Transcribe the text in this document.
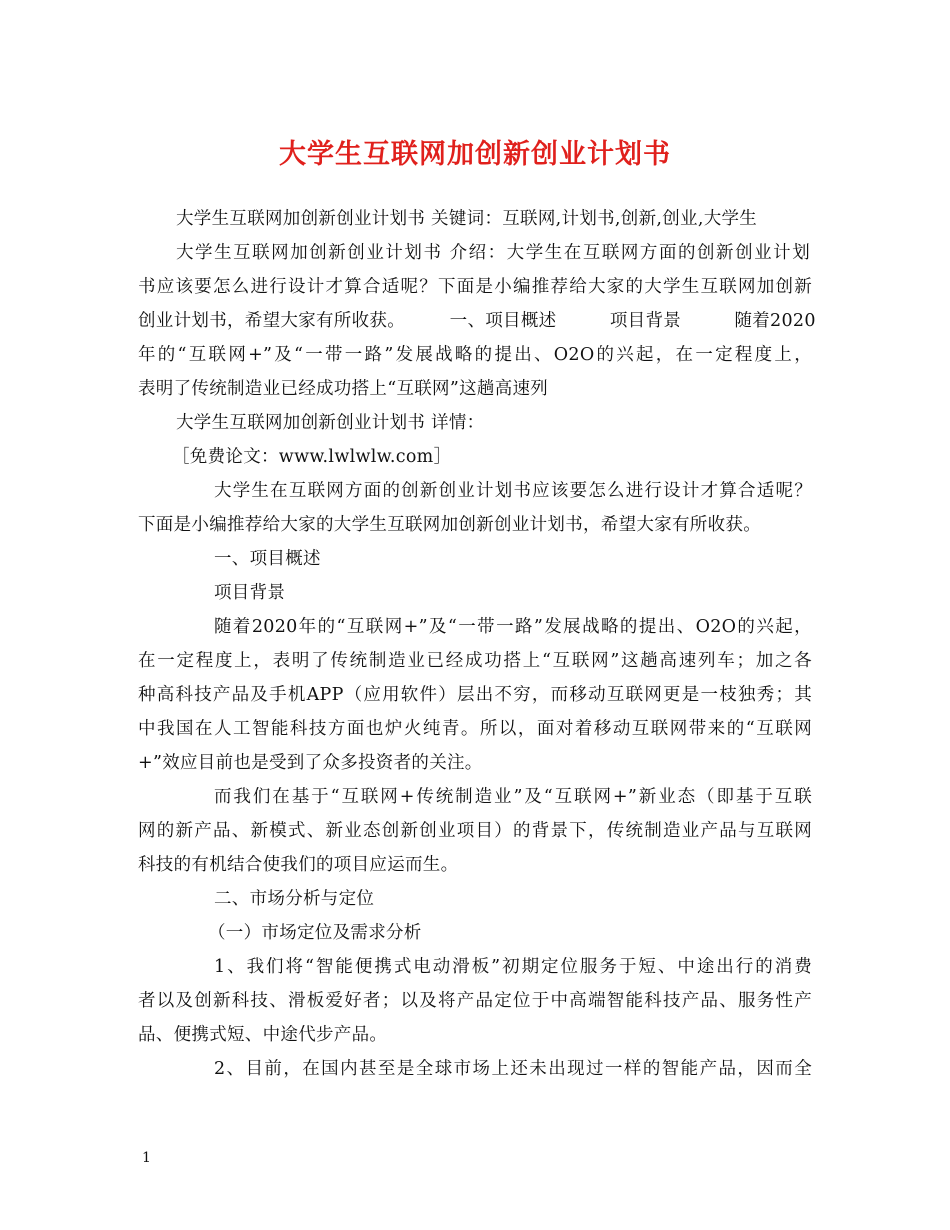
大学生互联网加创新创业计划书
大学生互联网加创新创业计划书 关键词：互联网,计划书,创新,创业,大学生
大学生互联网加创新创业计划书 介绍：大学生在互联网方面的创新创业计划
书应该要怎么进行设计才算合适呢？下面是小编推荐给大家的大学生互联网加创新
创业计划书，希望大家有所收获。　　　一、项目概述　　　项目背景　　　随着2020
年的“互联网+”及“一带一路”发展战略的提出、O2O的兴起，在一定程度上，
表明了传统制造业已经成功搭上“互联网”这趟高速列
大学生互联网加创新创业计划书 详情：
［免费论文：www.lwlwlw.com］
大学生在互联网方面的创新创业计划书应该要怎么进行设计才算合适呢？
下面是小编推荐给大家的大学生互联网加创新创业计划书，希望大家有所收获。
一、项目概述
项目背景
随着2020年的“互联网+”及“一带一路”发展战略的提出、O2O的兴起，
在一定程度上，表明了传统制造业已经成功搭上“互联网”这趟高速列车；加之各
种高科技产品及手机APP（应用软件）层出不穷，而移动互联网更是一枝独秀；其
中我国在人工智能科技方面也炉火纯青。所以，面对着移动互联网带来的“互联网
+”效应目前也是受到了众多投资者的关注。
而我们在基于“互联网+传统制造业”及“互联网+”新业态（即基于互联
网的新产品、新模式、新业态创新创业项目）的背景下，传统制造业产品与互联网
科技的有机结合使我们的项目应运而生。
二、市场分析与定位
（一）市场定位及需求分析
1、我们将“智能便携式电动滑板”初期定位服务于短、中途出行的消费
者以及创新科技、滑板爱好者；以及将产品定位于中高端智能科技产品、服务性产
品、便携式短、中途代步产品。
2、目前，在国内甚至是全球市场上还未出现过一样的智能产品，因而全
1
